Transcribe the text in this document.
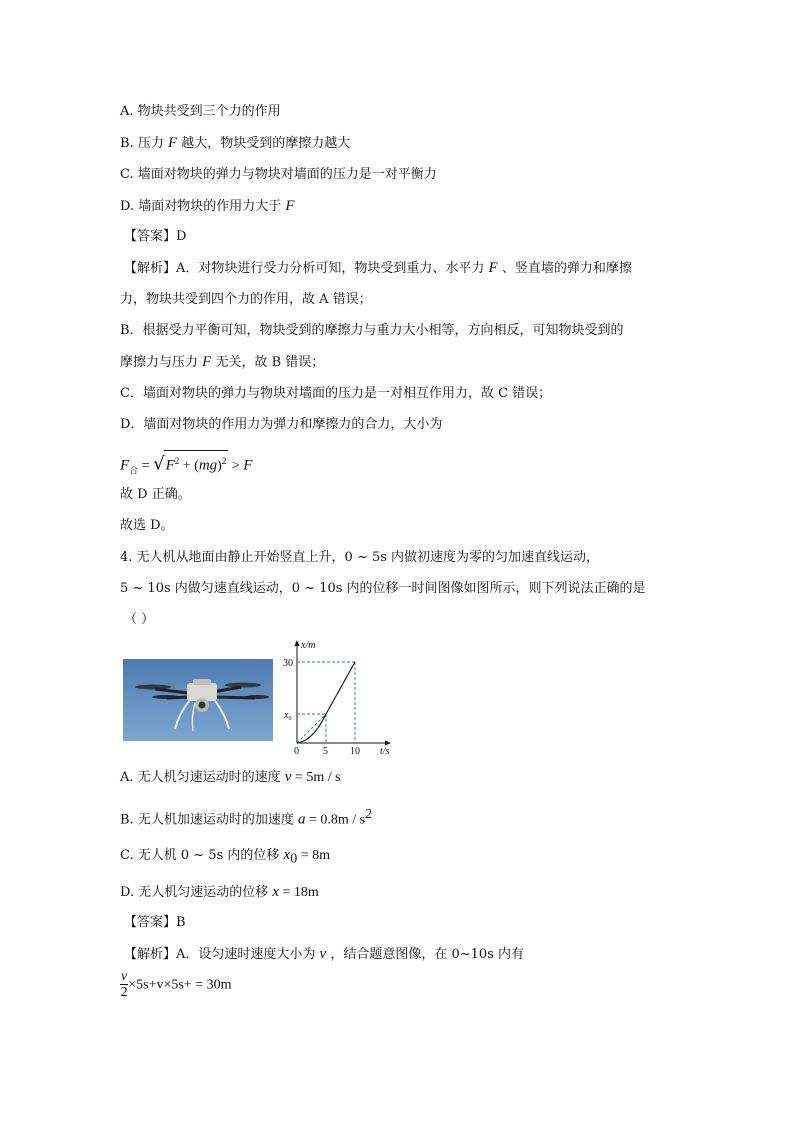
A. 物块共受到三个力的作用
B. 压力 F 越大，物块受到的摩擦力越大
C. 墙面对物块的弹力与物块对墙面的压力是一对平衡力
D. 墙面对物块的作用力大于 F
【答案】D
【解析】A．对物块进行受力分析可知，物块受到重力、水平力 F 、竖直墙的弹力和摩擦
力，物块共受到四个力的作用，故 A 错误；
B．根据受力平衡可知，物块受到的摩擦力与重力大小相等，方向相反，可知物块受到的
摩擦力与压力 F 无关，故 B 错误；
C．墙面对物块的弹力与物块对墙面的压力是一对相互作用力，故 C 错误；
D．墙面对物块的作用力为弹力和摩擦力的合力，大小为
$F_合 = √F^2 + (mg)^2 > F$
故 D 正确。
故选 D。
4. 无人机从地面由静止开始竖直上升，0 ~ 5s 内做初速度为零的匀加速直线运动，
5 ~ 10s 内做匀速直线运动，0 ~ 10s 内的位移一时间图像如图所示，则下列说法正确的是
（ ）
x/m
t/s
30
$x_0$
0 5 10
A. 无人机匀速运动时的速度 v = 5m / s
B. 无人机加速运动时的加速度 $a = 0.8m / s^2$
C. 无人机 0 ~ 5s 内的位移 $x_0 = 8m$
D. 无人机匀速运动的位移 x = 18m
【答案】B
【解析】A．设匀速时速度大小为 v ，结合题意图像，在 0~10s 内有
$\frac{v}{2} \times 5s+v\times 5s+ = 30m$
